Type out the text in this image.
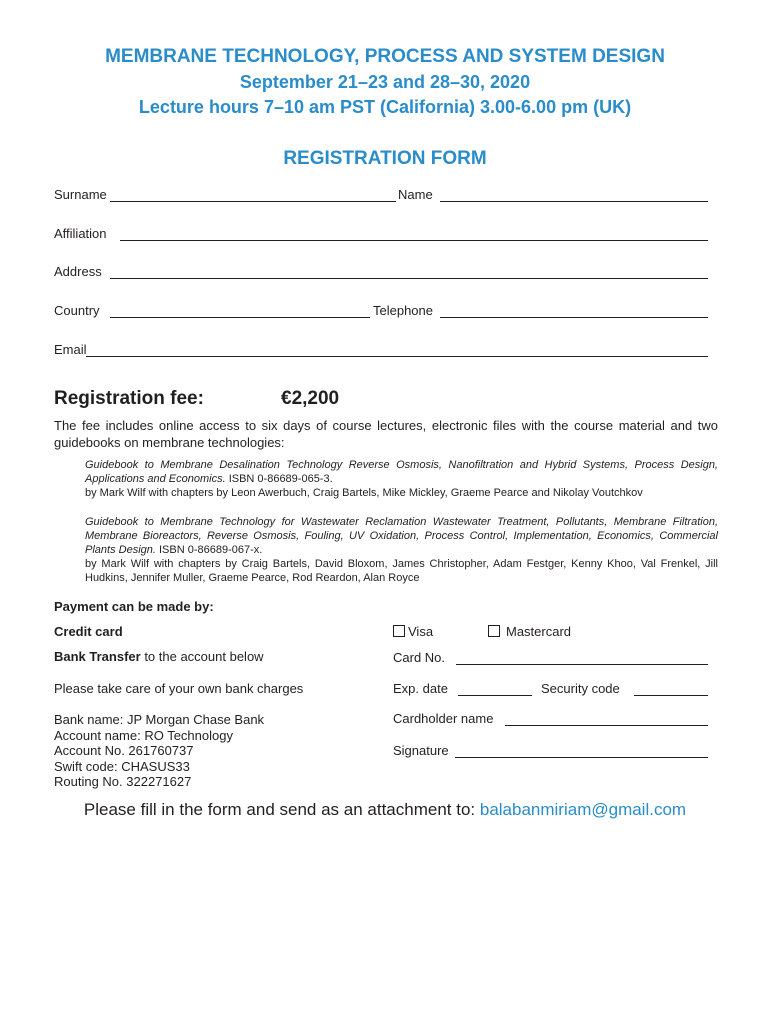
MEMBRANE TECHNOLOGY, PROCESS AND SYSTEM DESIGN
September 21–23 and 28–30, 2020
Lecture hours 7–10 am PST (California) 3.00-6.00 pm (UK)
REGISTRATION FORM
Surname	Name
Affiliation
Address
Country	Telephone
Email
Registration fee:	€2,200
The fee includes online access to six days of course lectures, electronic files with the course material and two guidebooks on membrane technologies:
Guidebook to Membrane Desalination Technology Reverse Osmosis, Nanofiltration and Hybrid Systems, Process Design, Applications and Economics. ISBN 0-86689-065-3.
by Mark Wilf with chapters by Leon Awerbuch, Craig Bartels, Mike Mickley, Graeme Pearce and Nikolay Voutchkov
Guidebook to Membrane Technology for Wastewater Reclamation Wastewater Treatment, Pollutants, Membrane Filtration, Membrane Bioreactors, Reverse Osmosis, Fouling, UV Oxidation, Process Control, Implementation, Economics, Commercial Plants Design. ISBN 0-86689-067-x.
by Mark Wilf with chapters by Craig Bartels, David Bloxom, James Christopher, Adam Festger, Kenny Khoo, Val Frenkel, Jill Hudkins, Jennifer Muller, Graeme Pearce, Rod Reardon, Alan Royce
Payment can be made by:
Credit card	Visa	Mastercard
Bank Transfer to the account below	Card No.
Please take care of your own bank charges	Exp. date	Security code
Cardholder name
Signature
Bank name: JP Morgan Chase Bank
Account name: RO Technology
Account No. 261760737
Swift code: CHASUS33
Routing No. 322271627
Please fill in the form and send as an attachment to: balabanmiriam@gmail.com
